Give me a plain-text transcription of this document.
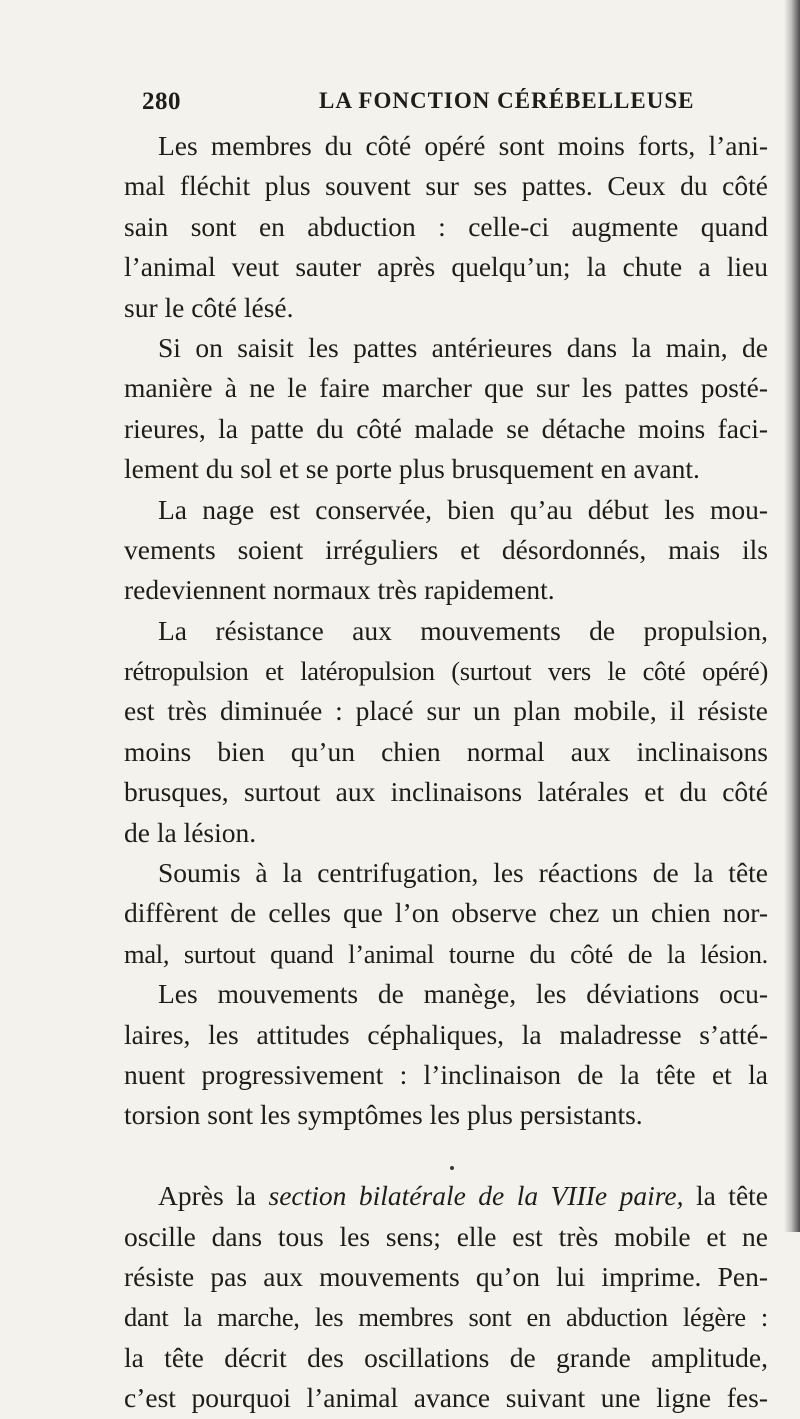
280	LA FONCTION CÉRÉBELLEUSE
Les membres du côté opéré sont moins forts, l’ani-
mal fléchit plus souvent sur ses pattes. Ceux du côté
sain sont en abduction : celle-ci augmente quand
l’animal veut sauter après quelqu’un; la chute a lieu
sur le côté lésé.
Si on saisit les pattes antérieures dans la main, de
manière à ne le faire marcher que sur les pattes posté-
rieures, la patte du côté malade se détache moins faci-
lement du sol et se porte plus brusquement en avant.
La nage est conservée, bien qu’au début les mou-
vements soient irréguliers et désordonnés, mais ils
redeviennent normaux très rapidement.
La résistance aux mouvements de propulsion,
rétropulsion et latéropulsion (surtout vers le côté opéré)
est très diminuée : placé sur un plan mobile, il résiste
moins bien qu’un chien normal aux inclinaisons
brusques, surtout aux inclinaisons latérales et du côté
de la lésion.
Soumis à la centrifugation, les réactions de la tête
diffèrent de celles que l’on observe chez un chien nor-
mal, surtout quand l’animal tourne du côté de la lésion.
Les mouvements de manège, les déviations ocu-
laires, les attitudes céphaliques, la maladresse s’atté-
nuent progressivement : l’inclinaison de la tête et la
torsion sont les symptômes les plus persistants.
Après la section bilatérale de la VIIIe paire, la tête
oscille dans tous les sens; elle est très mobile et ne
résiste pas aux mouvements qu’on lui imprime. Pen-
dant la marche, les membres sont en abduction légère :
la tête décrit des oscillations de grande amplitude,
c’est pourquoi l’animal avance suivant une ligne fes-
